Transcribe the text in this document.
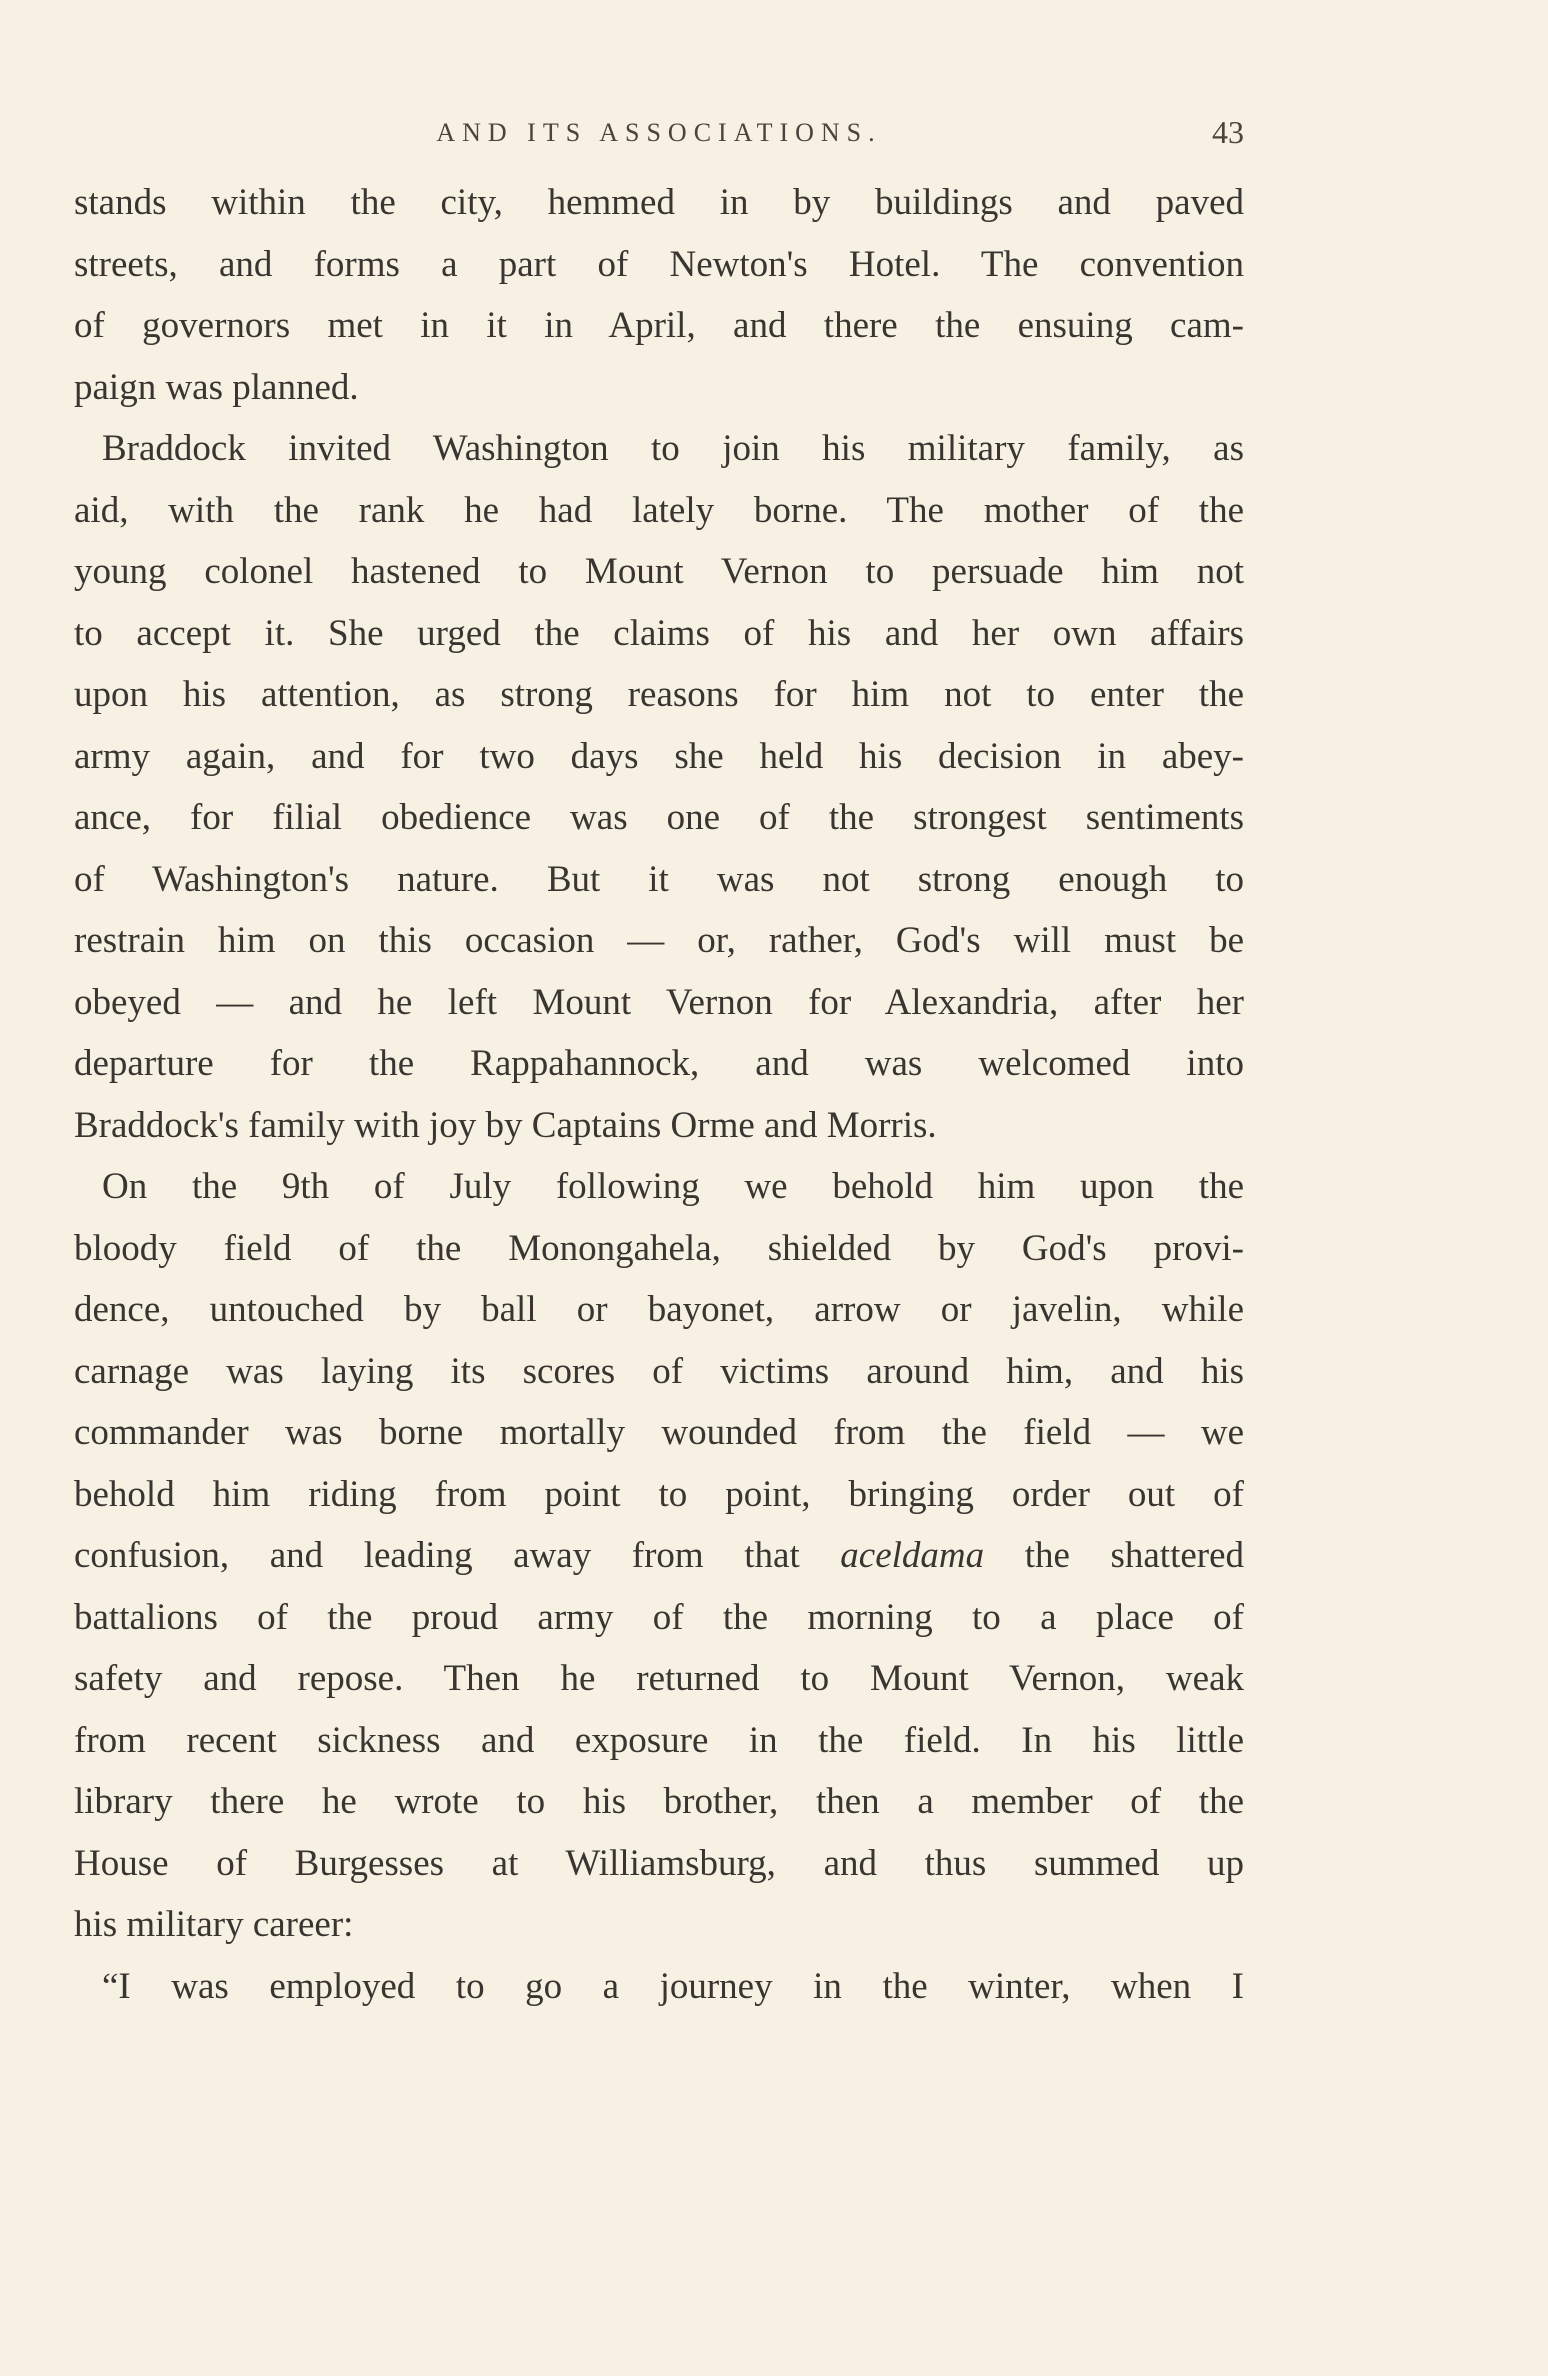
AND ITS ASSOCIATIONS.	43
stands within the city, hemmed in by buildings and paved
streets, and forms a part of Newton's Hotel. The convention
of governors met in it in April, and there the ensuing cam-
paign was planned.
Braddock invited Washington to join his military family, as
aid, with the rank he had lately borne. The mother of the
young colonel hastened to Mount Vernon to persuade him not
to accept it. She urged the claims of his and her own affairs
upon his attention, as strong reasons for him not to enter the
army again, and for two days she held his decision in abey-
ance, for filial obedience was one of the strongest sentiments
of Washington's nature. But it was not strong enough to
restrain him on this occasion — or, rather, God's will must be
obeyed — and he left Mount Vernon for Alexandria, after her
departure for the Rappahannock, and was welcomed into
Braddock's family with joy by Captains Orme and Morris.
On the 9th of July following we behold him upon the
bloody field of the Monongahela, shielded by God's provi-
dence, untouched by ball or bayonet, arrow or javelin, while
carnage was laying its scores of victims around him, and his
commander was borne mortally wounded from the field — we
behold him riding from point to point, bringing order out of
confusion, and leading away from that aceldama the shattered
battalions of the proud army of the morning to a place of
safety and repose. Then he returned to Mount Vernon, weak
from recent sickness and exposure in the field. In his little
library there he wrote to his brother, then a member of the
House of Burgesses at Williamsburg, and thus summed up
his military career:
“I was employed to go a journey in the winter, when I
